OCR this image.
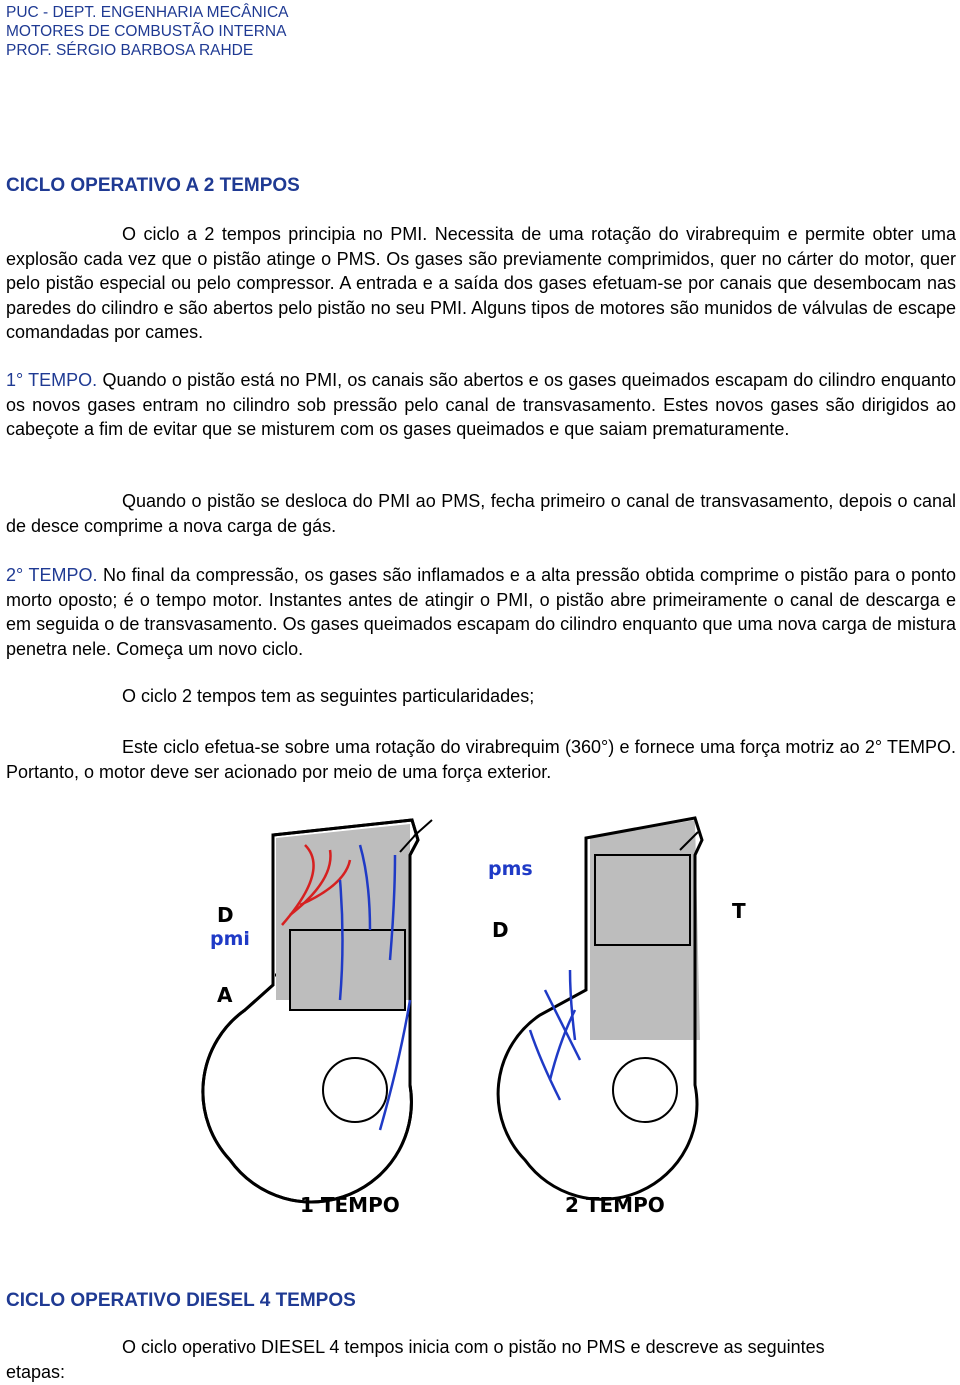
PUC - DEPT. ENGENHARIA MECÂNICA
MOTORES DE COMBUSTÃO INTERNA
PROF. SÉRGIO BARBOSA RAHDE
CICLO OPERATIVO A 2 TEMPOS
O ciclo a 2 tempos principia no PMI. Necessita de uma rotação do virabrequim e permite obter uma explosão cada vez que o pistão atinge o PMS. Os gases são previamente comprimidos, quer no cárter do motor, quer pelo pistão especial ou pelo compressor. A entrada e a saída dos gases efetuam-se por canais que desembocam nas paredes do cilindro e são abertos pelo pistão no seu PMI. Alguns tipos de motores são munidos de válvulas de escape comandadas por cames.
1° TEMPO. Quando o pistão está no PMI, os canais são abertos e os gases queimados escapam do cilindro enquanto os novos gases entram no cilindro sob pressão pelo canal de transvasamento. Estes novos gases são dirigidos ao cabeçote a fim de evitar que se misturem com os gases queimados e que saiam prematuramente.
Quando o pistão se desloca do PMI ao PMS, fecha primeiro o canal de transvasamento, depois o canal de desce comprime a nova carga de gás.
2° TEMPO. No final da compressão, os gases são inflamados e a alta pressão obtida comprime o pistão para o ponto morto oposto; é o tempo motor. Instantes antes de atingir o PMI, o pistão abre primeiramente o canal de descarga e em seguida o de transvasamento. Os gases queimados escapam do cilindro enquanto que uma nova carga de mistura penetra nele. Começa um novo ciclo.
O ciclo 2 tempos tem as seguintes particularidades;
Este ciclo efetua-se sobre uma rotação do virabrequim (360°) e fornece uma força motriz ao 2° TEMPO. Portanto, o motor deve ser acionado por meio de uma força exterior.
D
pmi
A
pms
D
T
1 TEMPO	2 TEMPO
CICLO OPERATIVO DIESEL 4 TEMPOS
O ciclo operativo DIESEL 4 tempos inicia com o pistão no PMS e descreve as seguintes
etapas:
